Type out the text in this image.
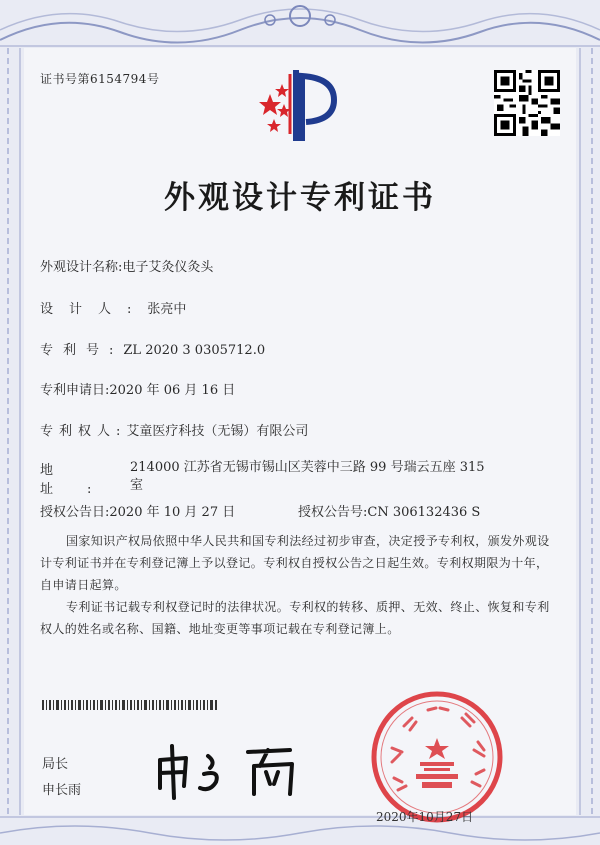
证书号第6154794号
外观设计专利证书
外观设计名称:电子艾灸仪灸头
设计人:张亮中
专利号:ZL 2020 3 0305712.0
专利申请日:2020 年 06 月 16 日
专利权人:艾童医疗科技（无锡）有限公司
地址:
214000 江苏省无锡市锡山区芙蓉中三路 99 号瑞云五座 315 室
授权公告日:2020 年 10 月 27 日	授权公告号:CN 306132436 S
国家知识产权局依照中华人民共和国专利法经过初步审查，决定授予专利权，颁发外观设计专利证书并在专利登记簿上予以登记。专利权自授权公告之日起生效。专利权期限为十年，自申请日起算。
专利证书记载专利权登记时的法律状况。专利权的转移、质押、无效、终止、恢复和专利权人的姓名或名称、国籍、地址变更等事项记载在专利登记簿上。
局长
申长雨
2020年10月27日
